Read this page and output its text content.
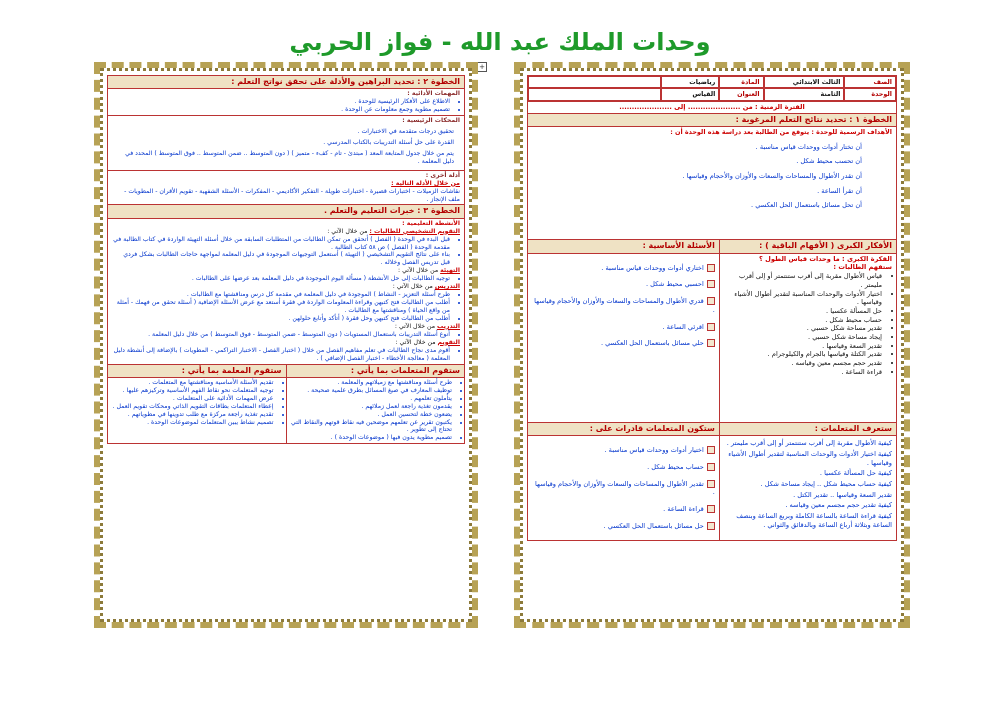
وحدات الملك عبد الله - فواز الحربي
+
الصف
الثالث الابتدائي
المادة
رياضيات
الوحدة
الثامنة
العنوان
القياس
الفترة الزمنية : من ..................... إلى .....................
الخطوة ١ : تحديد نتائج التعلم المرغوبة :
الأهداف الرسمية للوحدة : يتوقع من الطالبة بعد دراسة هذه الوحدة أن :
أن تختار أدوات ووحدات قياس مناسبة .
أن تحسب محيط شكل .
أن تقدر الأطوال والمساحات والسعات والأوزان والأحجام وقياسها .
أن تقرأ الساعة .
أن تحل مسائل باستعمال الحل العكسي .
الأفكار الكبرى ( الأفهام الباقية ) :
الفكرة الكبرى : ما وحدات قياس الطول ؟
ستفهم الطالبات :
• قياس الأطوال مقربة إلى أقرب ستنتمتر أو إلى أقرب مليمتر .
• اختيار الأدوات والوحدات المناسبة لتقدير أطوال الأشياء وقياسها .
• حل المسألة عكسيا .
• حساب محيط شكل .
• تقدير مساحة شكل حسبي .
• إيجاد مساحة شكل حسبي .
• تقدير السعة وقياسها .
• تقدير الكتلة وقياسها بالجرام والكيلوجرام .
• تقدير حجم مجسم معين وقياسه .
• قراءة الساعة .
الأسئلة الأساسية :
اختاري أدوات ووحدات قياس مناسبة .
احسبي محيط شكل .
قدري الأطوال والمساحات والسعات والأوزان والأحجام وقياسها .
اقرئي الساعة .
حلي مسائل باستعمال الحل العكسي .
ستعرف المتعلمات :
كيفية الأطوال مقربة إلى أقرب ستنتمتر أو إلى أقرب مليمتر .
كيفية اختيار الأدوات والوحدات المناسبة لتقدير أطوال الأشياء وقياسها .
كيفية حل المسألة عكسيا .
كيفية حساب محيط شكل .. إيجاد مساحة شكل .
تقدير السعة وقياسها .. تقدير الكتل .
كيفية تقدير حجم مجسم معين وقياسه .
كيفية قراءة الساعة بالساعة الكاملة وبربع الساعة وبنصف الساعة وبثلاثة أرباع الساعة وبالدقائق والثواني .
ستكون المتعلمات قادرات على :
اختيار أدوات ووحدات قياس مناسبة .
حساب محيط شكل .
تقدير الأطوال والمساحات والسعات والأوزان والأحجام وقياسها .
قراءة الساعة .
حل مسائل باستعمال الحل العكسي .
الخطوة ٢ : تحديد البراهين والأدلة على تحقق نواتج التعلم :
المهمات الأدائية :
• الاطلاع على الأفكار الرئيسية للوحدة .
• تصميم مطوية وجمع معلومات عن الوحدة .
المحكات الرئيسية :
تحقيق درجات متقدمة في الاختبارات .
القدرة على حل أسئلة التدريبات بالكتاب المدرسي .
يتم من خلال جدول المتابعة المعد ( مبتدئ - تام - كفء - متميز ) ( دون المتوسط .. ضمن المتوسط .. فوق المتوسط ) المحدد في دليل المعلمة .
أدلة أخرى :
من خلال الأدلة التالية :
نقاشات الزميلات - اختبارات قصيرة - اختبارات طويلة - التفكير الأكاديمي - المفكرات - الأسئلة الشفهية - تقويم الأقران - المطويات - ملف الإنجاز .
الخطوة ٣ : خبرات التعليم والتعلم .
الأنشطة التعليمية :
التقويم التشخيصي للطالبات : من خلال الآتي :
• قبل البدء في الوحدة ( الفصل ) أتحقق من تمكن الطالبات من المتطلبات السابقة من خلال أسئلة التهيئة الواردة في كتاب الطالبة في مقدمة الوحدة ( الفصل ) ص ٥٨ كتاب الطالبة .
• بناء على نتائج التقويم التشخيصي ( التهيئة ) أستعمل التوجيهات الموجودة في دليل المعلمة لمواجهة حاجات الطالبات بشكل فردي قبل تدريس الفصل وخلاله .
التهيئة من خلال الآتي :
• توجيه الطالبات إلى حل الأنشطة ( مسألة اليوم الموجودة في دليل المعلمة بعد عرضها على الطالبات .
التدريس من خلال الآتي :
• طرح أسئلة التعزيز - النشاط ) الموجودة في دليل المعلمة في مقدمة كل درس ومناقشتها مع الطالبات .
• أطلب من الطالبات فتح كتبهن وقراءة المعلومات الواردة في فقرة أستعد مع عرض الأسئلة الإضافية ( أسئلة تحقق من فهمك - أمثلة من واقع الحياة ) ومناقشتها مع الطالبات .
• أطلب من الطالبات فتح كتبهن وحل فقرة ( أتأكد وأتابع حلولهن .
التدريب من خلال الآتي :
• أنوع أسئلة التدريبات باستعمال المستويات ( دون المتوسط - ضمن المتوسط - فوق المتوسط ) من خلال دليل المعلمة .
التقويم من خلال الآتي :
• أقوم مدى نجاح الطالبات في تعلم مفاهيم الفصل من خلال ( اختبار الفصل - الاختبار التراكمي - المطويات ) بالإضافة إلى أنشطة دليل المعلمة ( معالجة الأخطاء - اختبار الفصل الإضافي ) .
ستقوم المتعلمات بما يأتي :
• طرح أسئلة ومناقشتها مع زميلاتهم والمعلمة .
• توظيف المعارف في صيغ المسائل بطرق علمية صحيحة .
• يتأملون تعلمهم .
• يقدمون تغذية راجعة لعمل زملائهم .
• يضعون خطة لتحسين العمل .
• يكتبون تقرير عن تعلمهم موضحين فيه نقاط قوتهم والنقاط التي تحتاج إلى تطوير .
• تصميم مطوية يدون فيها ( موضوعات الوحدة ) .
ستقوم المعلمة بما يأتي :
• تقديم الأسئلة الأساسية ومناقشتها مع المتعلمات .
• توجيه المتعلمات نحو نقاط الفهم الأساسية وتركيزهم عليها .
• عرض المهمات الأدائية على المتعلمات .
• إعطاء المتعلمات بطاقات التقويم الذاتي ومحكات تقويم العمل .
• تقديم تغذية راجعة مركزة مع طلب تدوينها في مطوياتهم .
• تصميم نشاط يبين المتعلمات لموضوعات الوحدة .
